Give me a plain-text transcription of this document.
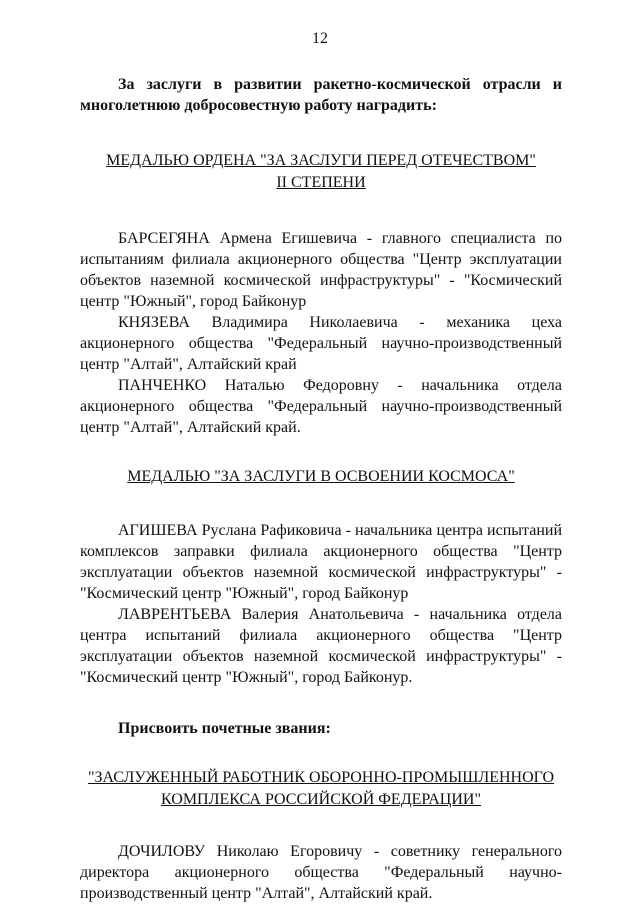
12

За заслуги в развитии ракетно-космической отрасли и многолетнюю добросовестную работу наградить:

МЕДАЛЬЮ ОРДЕНА "ЗА ЗАСЛУГИ ПЕРЕД ОТЕЧЕСТВОМ"
II СТЕПЕНИ

БАРСЕГЯНА Армена Егишевича - главного специалиста по испытаниям филиала акционерного общества "Центр эксплуатации объектов наземной космической инфраструктуры" - "Космический центр "Южный", город Байконур

КНЯЗЕВА Владимира Николаевича - механика цеха акционерного общества "Федеральный научно-производственный центр "Алтай", Алтайский край

ПАНЧЕНКО Наталью Федоровну - начальника отдела акционерного общества "Федеральный научно-производственный центр "Алтай", Алтайский край.

МЕДАЛЬЮ "ЗА ЗАСЛУГИ В ОСВОЕНИИ КОСМОСА"

АГИШЕВА Руслана Рафиковича - начальника центра испытаний комплексов заправки филиала акционерного общества "Центр эксплуатации объектов наземной космической инфраструктуры" - "Космический центр "Южный", город Байконур

ЛАВРЕНТЬЕВА Валерия Анатольевича - начальника отдела центра испытаний филиала акционерного общества "Центр эксплуатации объектов наземной космической инфраструктуры" - "Космический центр "Южный", город Байконур.

Присвоить почетные звания:

"ЗАСЛУЖЕННЫЙ РАБОТНИК ОБОРОННО-ПРОМЫШЛЕННОГО
КОМПЛЕКСА РОССИЙСКОЙ ФЕДЕРАЦИИ"

ДОЧИЛОВУ Николаю Егоровичу - советнику генерального директора акционерного общества "Федеральный научно-производственный центр "Алтай", Алтайский край.
